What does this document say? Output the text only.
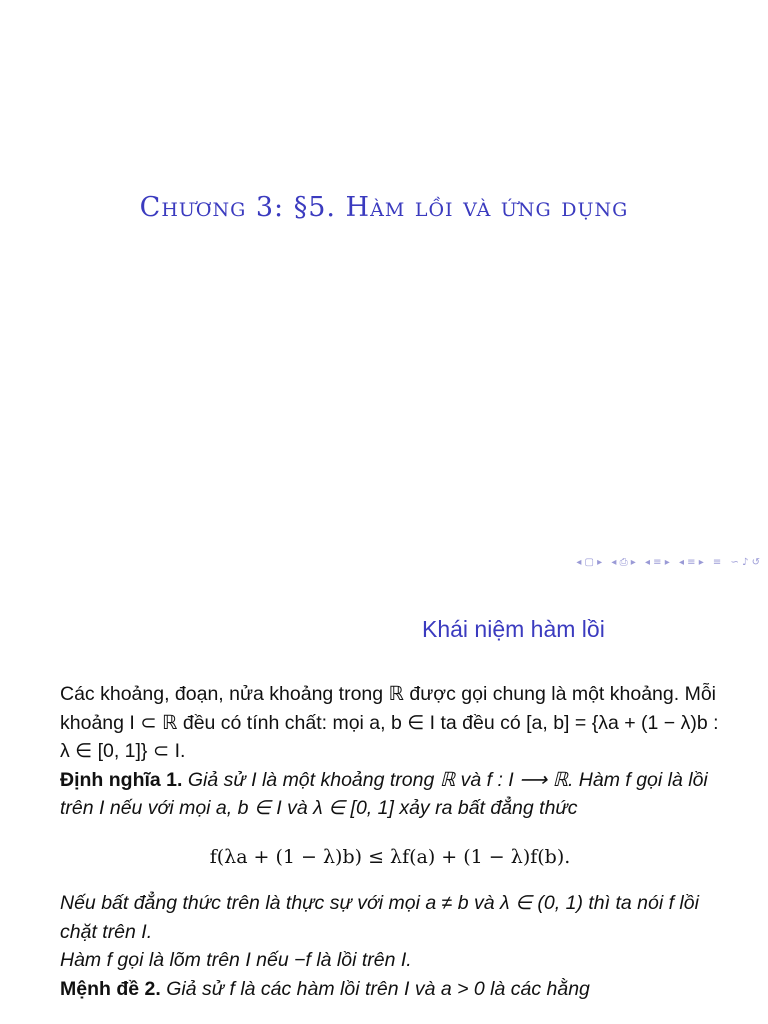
Chương 3: §5. Hàm lồi và ứng dụng
◂ ▢ ▸ ◂ ⎙ ▸ ◂ ≡ ▸ ◂ ≡ ▸ ≡ ∽ ♪ ↺
Khái niệm hàm lồi

Các khoảng, đoạn, nửa khoảng trong ℝ được gọi chung là một khoảng. Mỗi khoảng I ⊂ ℝ đều có tính chất: mọi a, b ∈ I ta đều có [a, b] = {λa + (1 − λ)b : λ ∈ [0, 1]} ⊂ I.

Định nghĩa 1. Giả sử I là một khoảng trong ℝ và f : I ⟶ ℝ. Hàm f gọi là lồi trên I nếu với mọi a, b ∈ I và λ ∈ [0, 1] xảy ra bất đẳng thức

f(λa + (1 − λ)b) ≤ λf(a) + (1 − λ)f(b).

Nếu bất đẳng thức trên là thực sự với mọi a ≠ b và λ ∈ (0, 1) thì ta nói f lồi chặt trên I.

Hàm f gọi là lõm trên I nếu −f là lồi trên I.

Mệnh đề 2. Giả sử f là các hàm lồi trên I và a > 0 là các hằng
